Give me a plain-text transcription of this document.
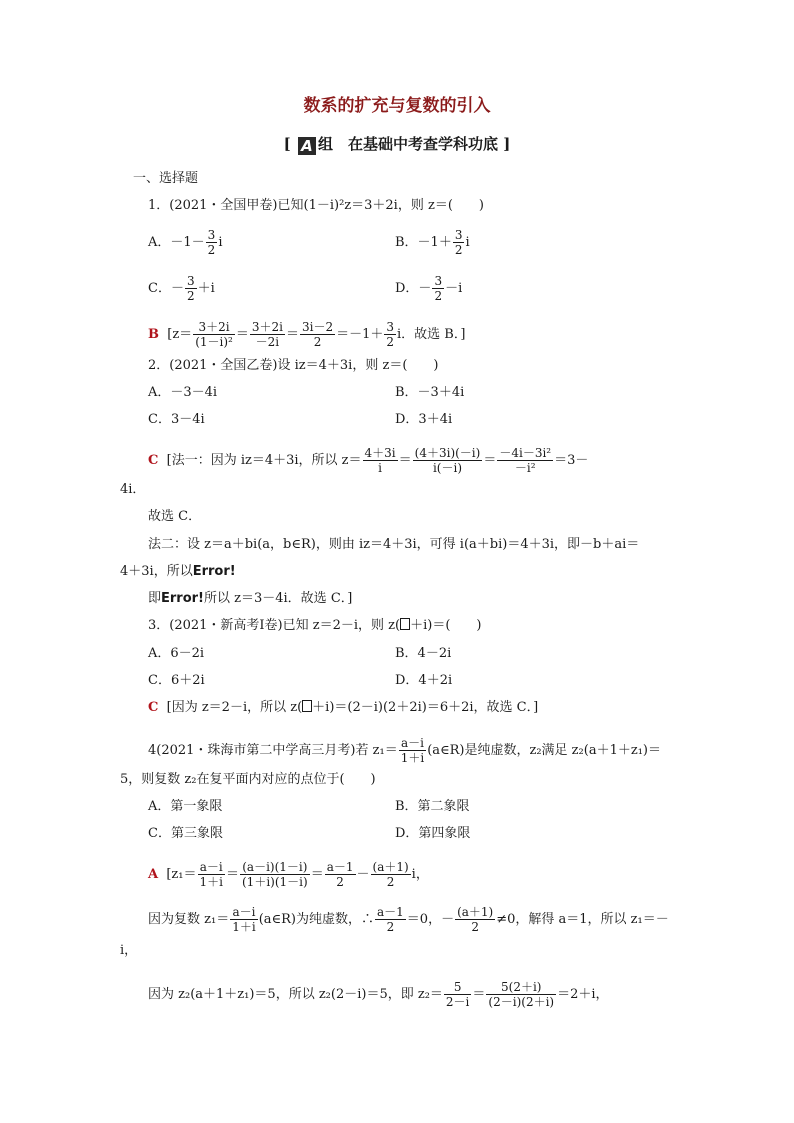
数系的扩充与复数的引入
[ A 组　在基础中考查学科功底 ]
一、选择题
1．(2021・全国甲卷)已知(1－i)²z＝3＋2i，则 z＝(　　)
A．$-1- \frac{3}{2}$ i	B．$-1+ \frac{3}{2}$ i
C．－ $\frac{3}{2} +i$	D．－ $\frac{3}{2} -i$
B [$z= \frac{3+2i}{\text{(1－i)²}} = \frac{3+2i}{-2i} = \frac{3i-2}{2} =-1+ \frac{3}{2}$ i．故选 B．]
2．(2021・全国乙卷)设 iz＝4＋3i，则 z＝(　　)
A．－3－4i	B．－3＋4i
C．3－4i	D．3＋4i
C [法一：因为 iz＝4＋3i，所以 $z= \frac{4+3i}{i} = \frac{(4+3i)(-i)}{i(-i)} = \frac{\text{－4i－3i²}}{\text{－i²}} =3-$
4i．
故选 C．
法二：设 z＝a＋bi(a，b∈R)，则由 iz＝4＋3i，可得 i(a＋bi)＝4＋3i，即－b＋ai＝
4＋3i，所以Error!
即Error!所以 z＝3－4i．故选 C．]
3．(2021・新高考Ⅰ卷)已知 z＝2－i，则 z( ＋i)＝(　　)
A．6－2i	B．4－2i
C．6＋2i	D．4＋2i
C [因为 z＝2－i，所以 z( ＋i)＝(2－i)(2＋2i)＝6＋2i，故选 C．]
4(2021・珠海市第二中学高三月考)若 $z_1= \frac{a-i}{1+i}$ (a∈R)是纯虚数，z₂满足 z₂(a＋1＋z₁)＝
5，则复数 z₂在复平面内对应的点位于(　　)
A．第一象限	B．第二象限
C．第三象限	D．第四象限
A [$z_1= \frac{a-i}{1+i} = \frac{(a-i)(1-i)}{(1+i)(1-i)} = \frac{a-1}{2} - \frac{(a+1)}{2}$ i，
因为复数 $z_1= \frac{a-i}{1+i}$ (a∈R)为纯虚数，∴ $\frac{a-1}{2} =0$，－ $\frac{(a+1)}{2} \ne 0$，解得 a＝1，所以 z₁＝－
i，
因为 z₂(a＋1＋z₁)＝5，所以 z₂(2－i)＝5，即 $z_2= \frac{5}{2-i} = \frac{5(2+i)}{(2-i)(2+i)} =2+i$，
